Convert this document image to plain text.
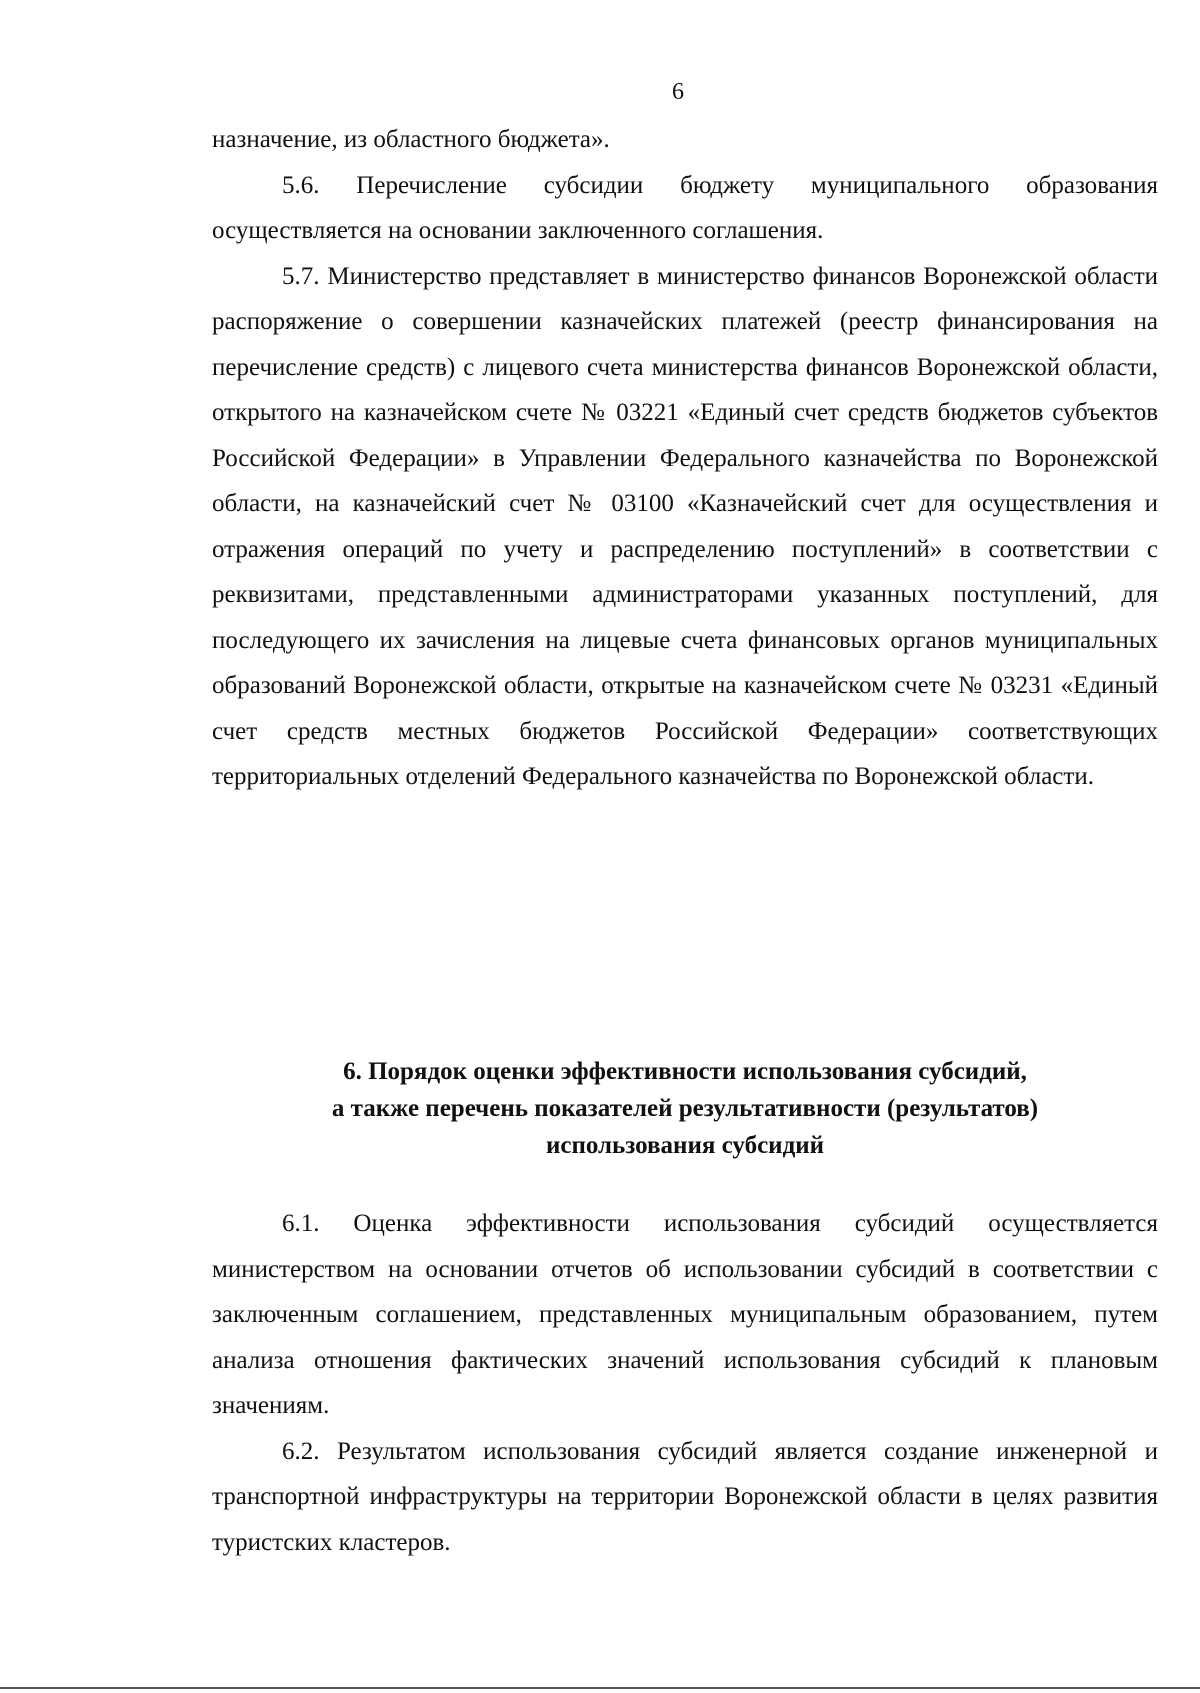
6

назначение, из областного бюджета».

5.6. Перечисление субсидии бюджету муниципального образования осуществляется на основании заключенного соглашения.

5.7. Министерство представляет в министерство финансов Воронежской области распоряжение о совершении казначейских платежей (реестр финансирования на перечисление средств) с лицевого счета министерства финансов Воронежской области, открытого на казначейском счете № 03221 «Единый счет средств бюджетов субъектов Российской Федерации» в Управлении Федерального казначейства по Воронежской области, на казначейский счет № 03100 «Казначейский счет для осуществления и отражения операций по учету и распределению поступлений» в соответствии с реквизитами, представленными администраторами указанных поступлений, для последующего их зачисления на лицевые счета финансовых органов муниципальных образований Воронежской области, открытые на казначейском счете № 03231 «Единый счет средств местных бюджетов Российской Федерации» соответствующих территориальных отделений Федерального казначейства по Воронежской области.

6. Порядок оценки эффективности использования субсидий,
а также перечень показателей результативности (результатов)
использования субсидий

6.1. Оценка эффективности использования субсидий осуществляется министерством на основании отчетов об использовании субсидий в соответствии с заключенным соглашением, представленных муниципальным образованием, путем анализа отношения фактических значений использования субсидий к плановым значениям.

6.2. Результатом использования субсидий является создание инженерной и транспортной инфраструктуры на территории Воронежской области в целях развития туристских кластеров.
